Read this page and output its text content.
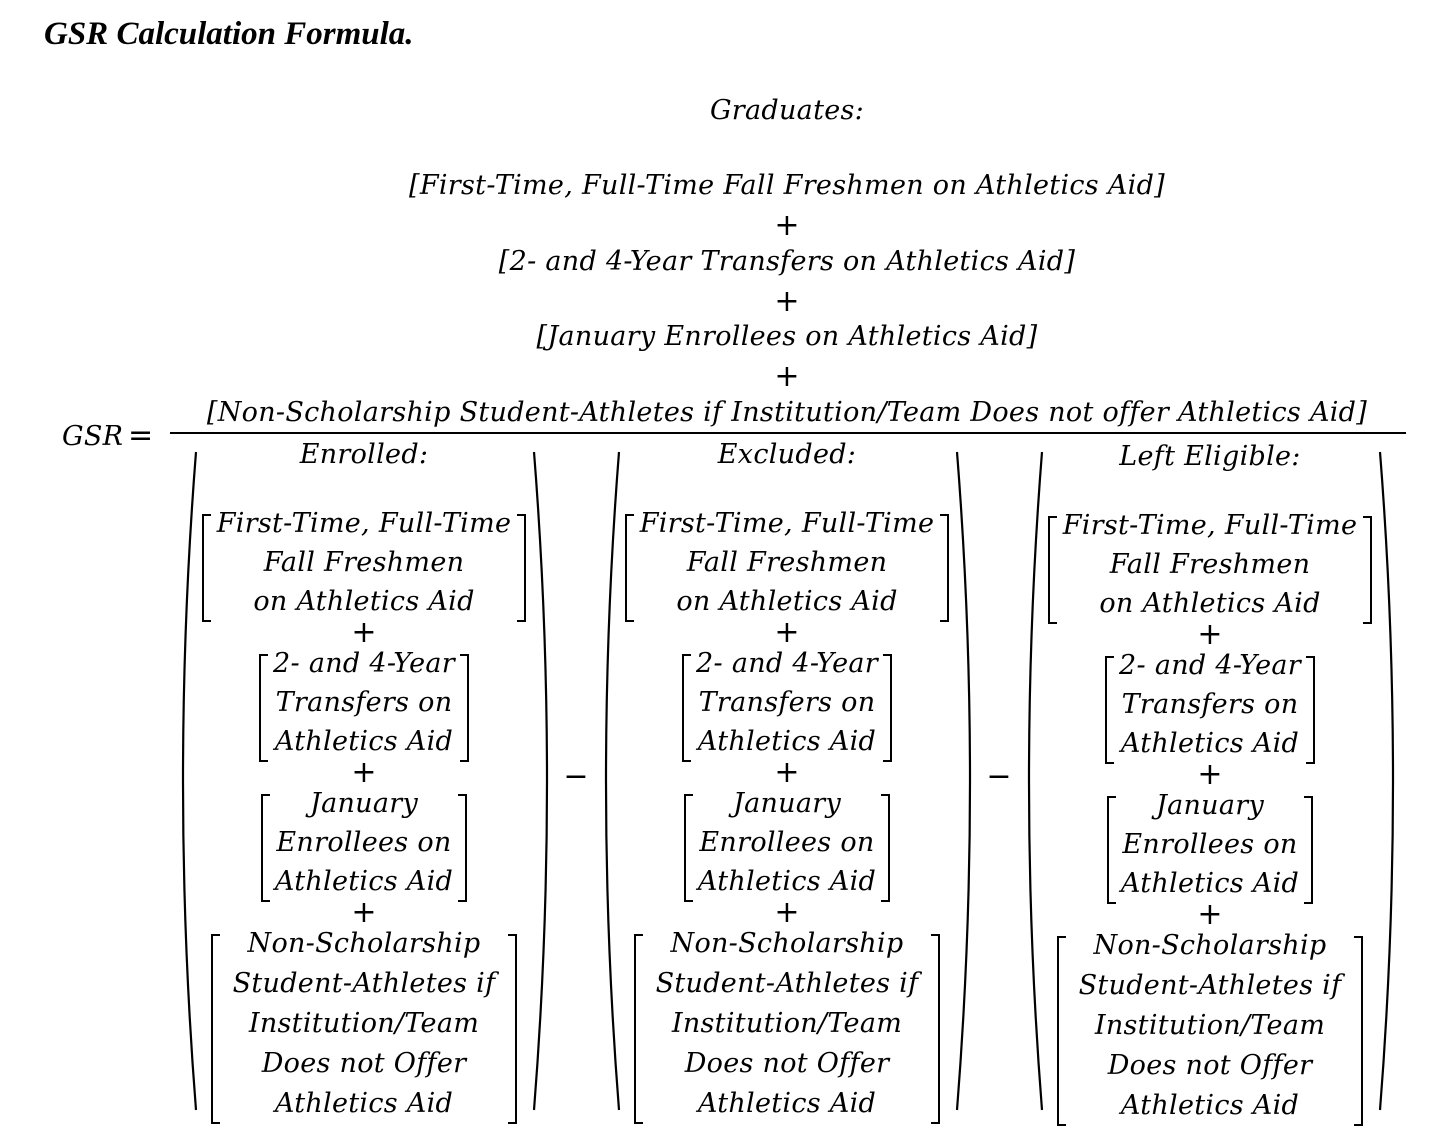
GSR Calculation Formula.
GSR =
Graduates:
[First-Time, Full-Time Fall Freshmen on Athletics Aid]
[2- and 4-Year Transfers on Athletics Aid]
[January Enrollees on Athletics Aid]
[Non-Scholarship Student-Athletes if Institution/Team Does not offer Athletics Aid]
+
+
+
Enrolled:
First-Time, Full-Time
Fall Freshmen
on Athletics Aid
2- and 4-Year
Transfers on
Athletics Aid
January
Enrollees on
Athletics Aid
Non-Scholarship
Student-Athletes if
Institution/Team
Does not Offer
Athletics Aid
+
+
+
Excluded:
First-Time, Full-Time
Fall Freshmen
on Athletics Aid
2- and 4-Year
Transfers on
Athletics Aid
January
Enrollees on
Athletics Aid
Non-Scholarship
Student-Athletes if
Institution/Team
Does not Offer
Athletics Aid
+
+
+
Left Eligible:
First-Time, Full-Time
Fall Freshmen
on Athletics Aid
2- and 4-Year
Transfers on
Athletics Aid
January
Enrollees on
Athletics Aid
Non-Scholarship
Student-Athletes if
Institution/Team
Does not Offer
Athletics Aid
+
+
+
−	−
